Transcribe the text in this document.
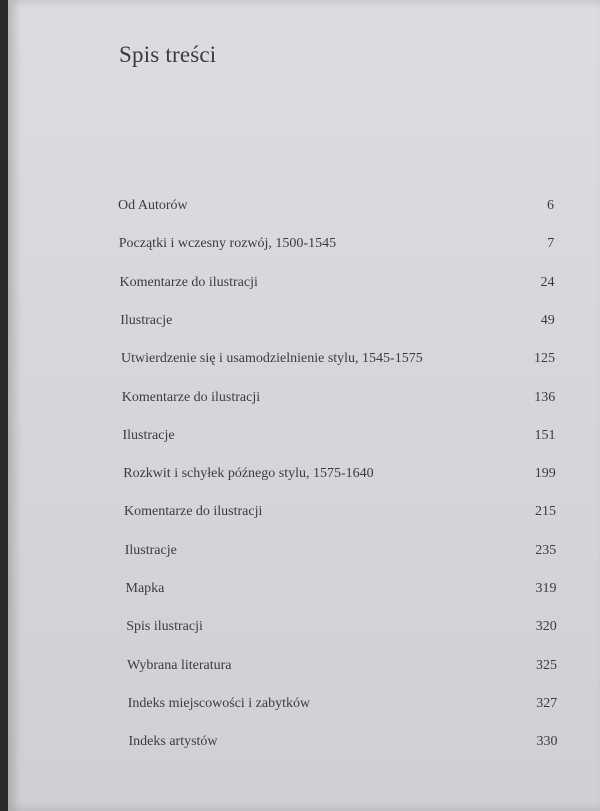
Spis treści
Od Autorów	6
Początki i wczesny rozwój, 1500-1545	7
Komentarze do ilustracji	24
Ilustracje	49
Utwierdzenie się i usamodzielnienie stylu, 1545-1575	125
Komentarze do ilustracji	136
Ilustracje	151
Rozkwit i schyłek późnego stylu, 1575-1640	199
Komentarze do ilustracji	215
Ilustracje	235
Mapka	319
Spis ilustracji	320
Wybrana literatura	325
Indeks miejscowości i zabytków	327
Indeks artystów	330
